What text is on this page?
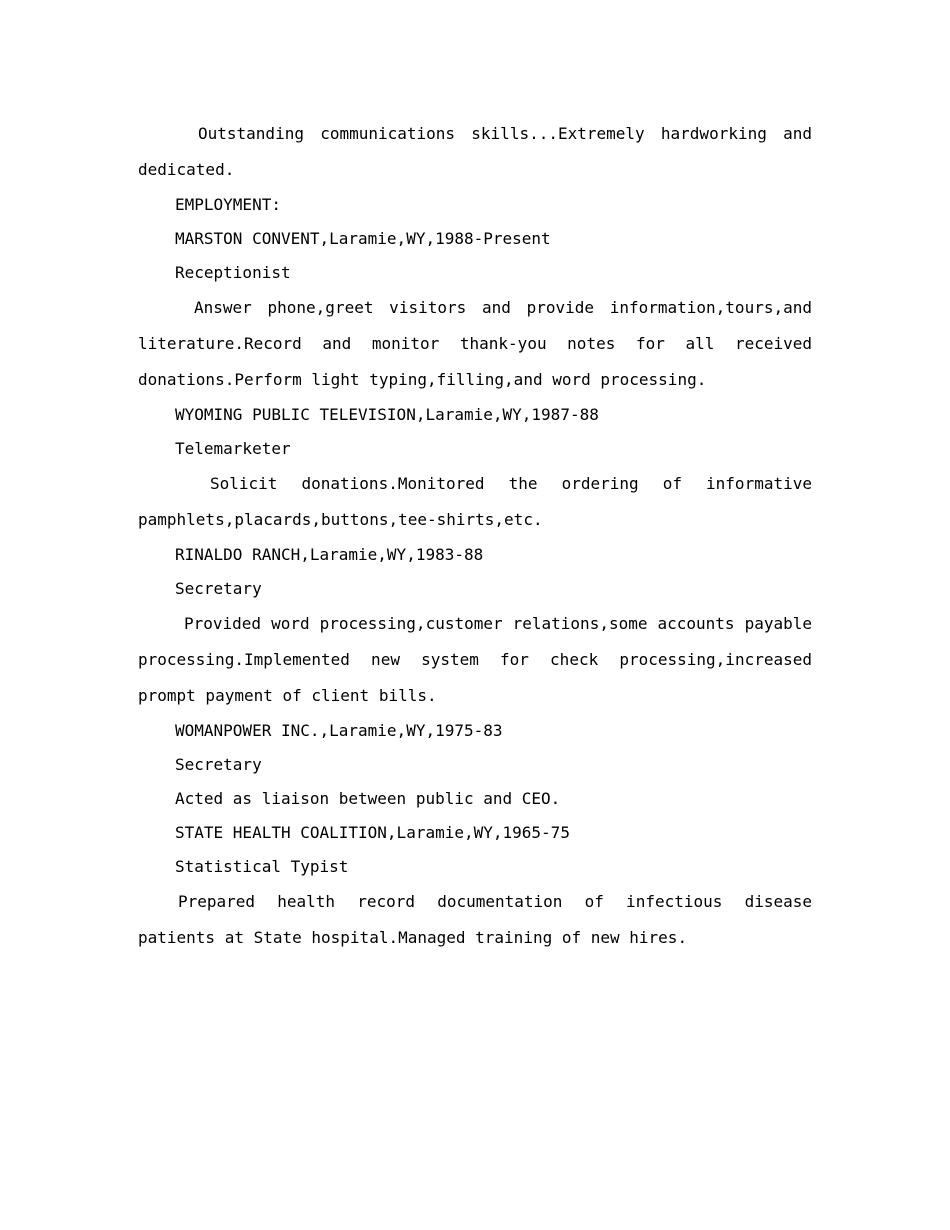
Outstanding communications skills...Extremely hardworking and dedicated.

EMPLOYMENT:

MARSTON CONVENT,Laramie,WY,1988-Present

Receptionist

Answer phone,greet visitors and provide information,tours,and literature.Record and monitor thank-you notes for all received donations.Perform light typing,filling,and word processing.

WYOMING PUBLIC TELEVISION,Laramie,WY,1987-88

Telemarketer

Solicit donations.Monitored the ordering of informative pamphlets,placards,buttons,tee-shirts,etc.

RINALDO RANCH,Laramie,WY,1983-88

Secretary

Provided word processing,customer relations,some accounts payable processing.Implemented new system for check processing,increased prompt payment of client bills.

WOMANPOWER INC.,Laramie,WY,1975-83

Secretary

Acted as liaison between public and CEO.

STATE HEALTH COALITION,Laramie,WY,1965-75

Statistical Typist

Prepared health record documentation of infectious disease patients at State hospital.Managed training of new hires.
